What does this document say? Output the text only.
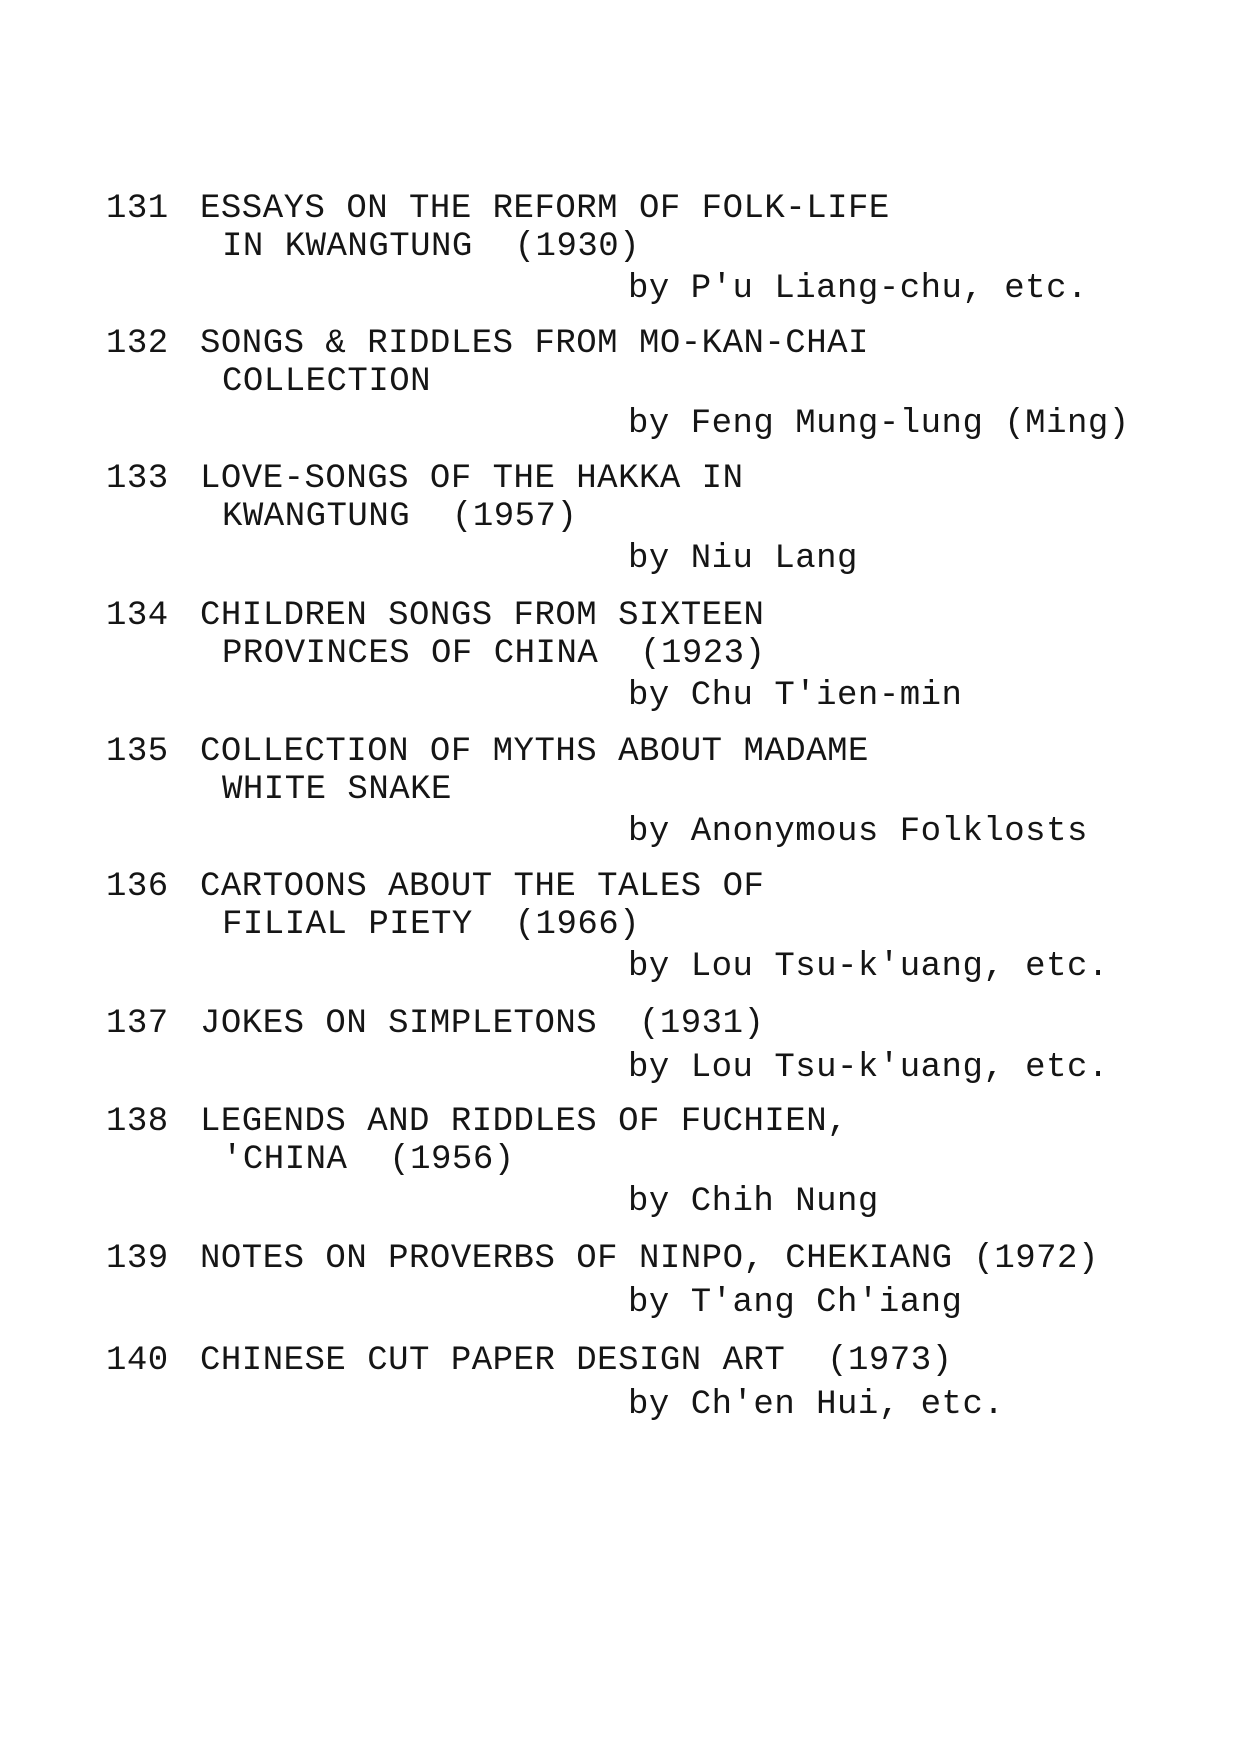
131

ESSAYS ON THE REFORM OF FOLK-LIFE

IN KWANGTUNG  (1930)

by P'u Liang-chu, etc.

132

SONGS & RIDDLES FROM MO-KAN-CHAI

COLLECTION

by Feng Mung-lung (Ming)

133

LOVE-SONGS OF THE HAKKA IN

KWANGTUNG  (1957)

by Niu Lang

134

CHILDREN SONGS FROM SIXTEEN

PROVINCES OF CHINA  (1923)

by Chu T'ien-min

135

COLLECTION OF MYTHS ABOUT MADAME

WHITE SNAKE

by Anonymous Folklosts

136

CARTOONS ABOUT THE TALES OF

FILIAL PIETY  (1966)

by Lou Tsu-k'uang, etc.

137

JOKES ON SIMPLETONS  (1931)

by Lou Tsu-k'uang, etc.

138

LEGENDS AND RIDDLES OF FUCHIEN,

'CHINA  (1956)

by Chih Nung

139

NOTES ON PROVERBS OF NINPO, CHEKIANG (1972)

by T'ang Ch'iang

140

CHINESE CUT PAPER DESIGN ART  (1973)

by Ch'en Hui, etc.
